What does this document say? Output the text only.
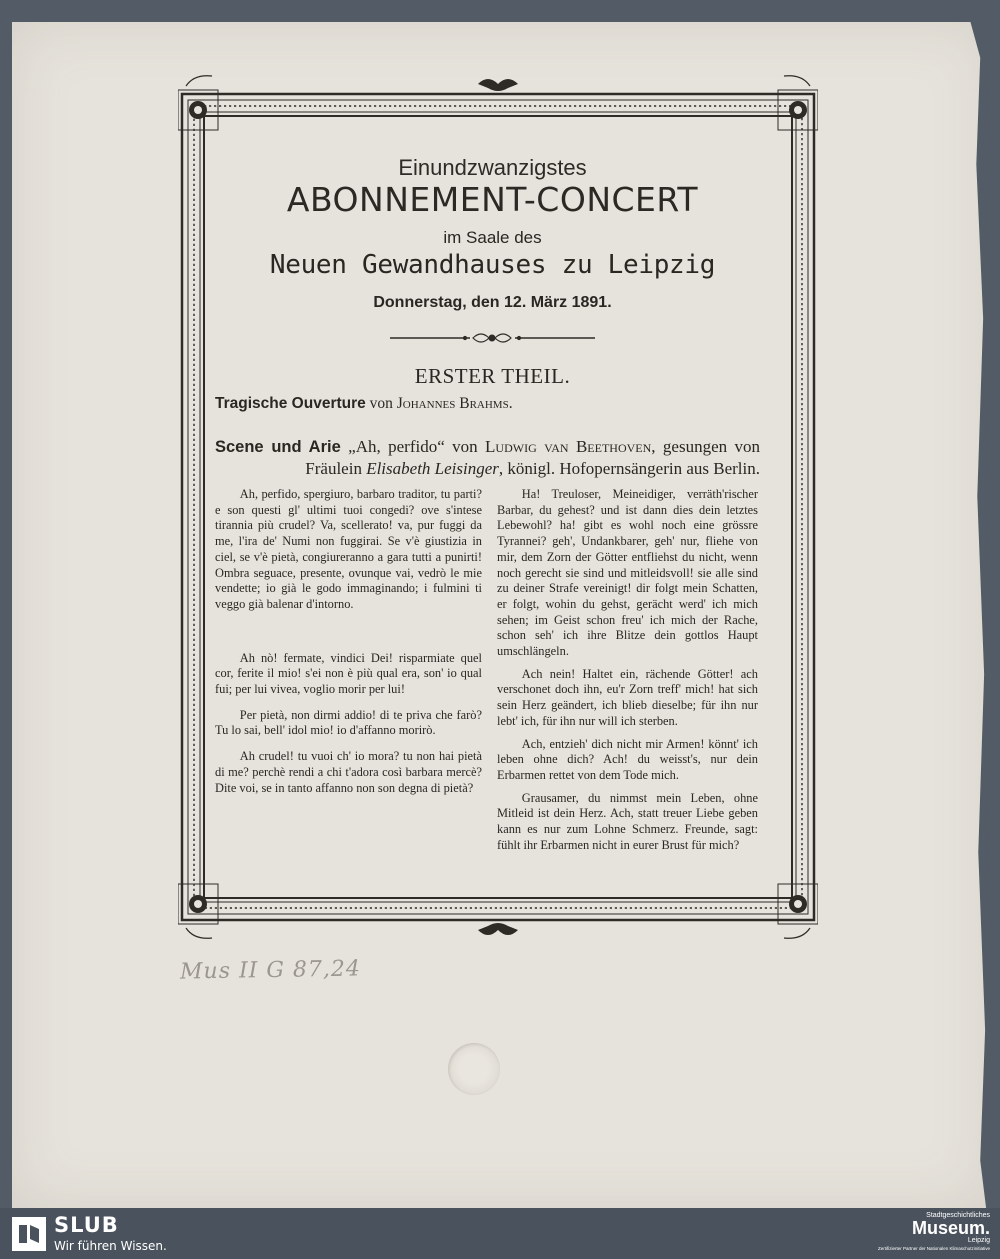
Einundzwanzigstes
ABONNEMENT-CONCERT
im Saale des
Neuen Gewandhauses zu Leipzig
Donnerstag, den 12. März 1891.
ERSTER THEIL.
Tragische Ouverture von Johannes Brahms.
Scene und Arie „Ah, perfido“ von Ludwig van Beethoven, gesungen von Fräulein Elisabeth Leisinger, königl. Hofopernsängerin aus Berlin.

Ah, perfido, spergiuro, barbaro traditor, tu parti? e son questi gl' ultimi tuoi congedi? ove s'intese tirannia più crudel? Va, scellerato! va, pur fuggi da me, l'ira de' Numi non fuggirai. Se v'è giustizia in ciel, se v'è pietà, congiureranno a gara tutti a punirti! Ombra seguace, presente, ovunque vai, vedrò le mie vendette; io già le godo immaginando; i fulmini ti veggo già balenar d'intorno.

Ah nò! fermate, vindici Dei! risparmiate quel cor, ferite il mio! s'ei non è più qual era, son' io qual fui; per lui vivea, voglio morir per lui!

Per pietà, non dirmi addio! di te priva che farò? Tu lo sai, bell' idol mio! io d'affanno morirò.

Ah crudel! tu vuoi ch' io mora? tu non hai pietà di me? perchè rendi a chi t'adora così barbara mercè? Dite voi, se in tanto affanno non son degna di pietà?

Ha! Treuloser, Meineidiger, verräth'rischer Barbar, du gehest? und ist dann dies dein letztes Lebewohl? ha! gibt es wohl noch eine grössre Tyrannei? geh', Undankbarer, geh' nur, fliehe von mir, dem Zorn der Götter entfliehst du nicht, wenn noch gerecht sie sind und mitleidsvoll! sie alle sind zu deiner Strafe vereinigt! dir folgt mein Schatten, er folgt, wohin du gehst, gerächt werd' ich mich sehen; im Geist schon freu' ich mich der Rache, schon seh' ich ihre Blitze dein gottlos Haupt umschlängeln.

Ach nein! Haltet ein, rächende Götter! ach verschonet doch ihn, eu'r Zorn treff' mich! hat sich sein Herz geändert, ich blieb dieselbe; für ihn nur lebt' ich, für ihn nur will ich sterben.

Ach, entzieh' dich nicht mir Armen! könnt' ich leben ohne dich? Ach! du weisst's, nur dein Erbarmen rettet von dem Tode mich.

Grausamer, du nimmst mein Leben, ohne Mitleid ist dein Herz. Ach, statt treuer Liebe geben kann es nur zum Lohne Schmerz. Freunde, sagt: fühlt ihr Erbarmen nicht in eurer Brust für mich?

Mus II G 87,24
SLUB
Wir führen Wissen.
Stadtgeschichtliches
Museum.
Leipzig
Zertifizierter Partner der Nationalen Klimaschutzinitiative
